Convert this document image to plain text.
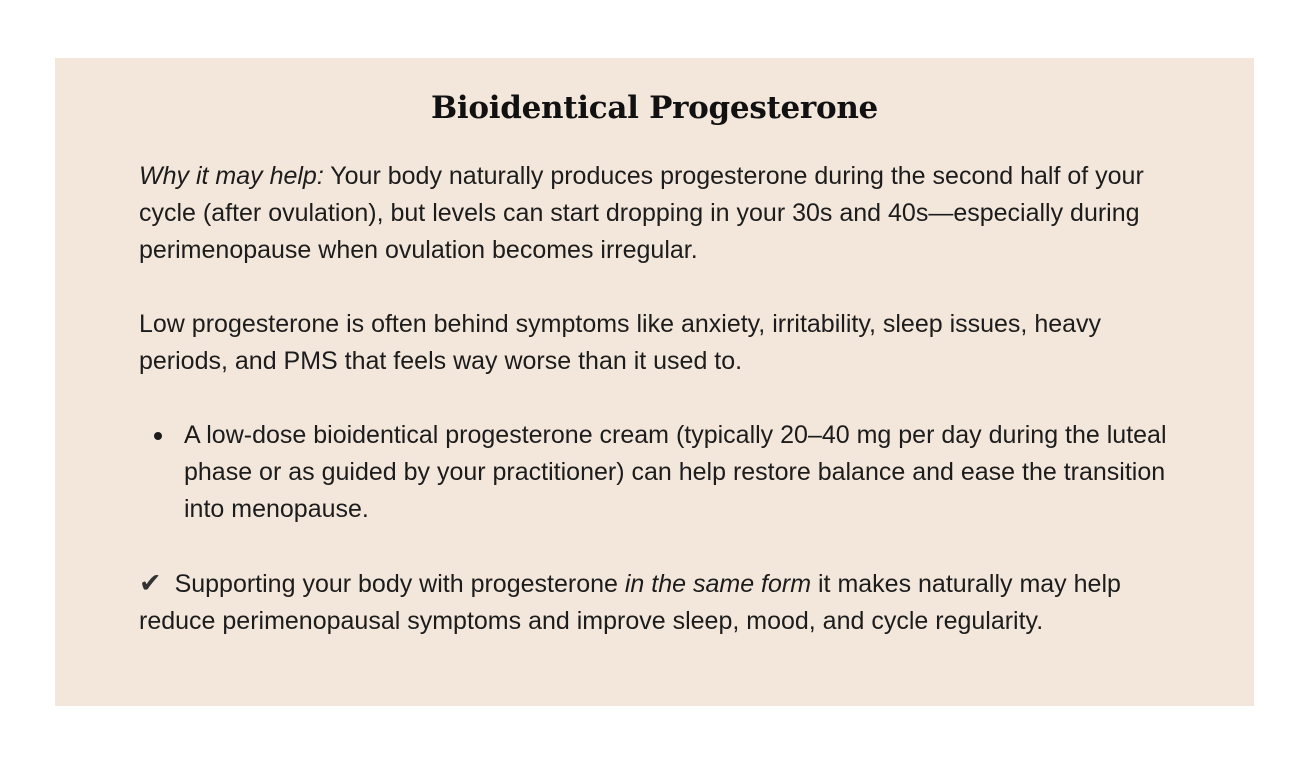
Bioidentical Progesterone

Why it may help: Your body naturally produces progesterone during the second half of your cycle (after ovulation), but levels can start dropping in your 30s and 40s—especially during perimenopause when ovulation becomes irregular.

Low progesterone is often behind symptoms like anxiety, irritability, sleep issues, heavy periods, and PMS that feels way worse than it used to.

A low-dose bioidentical progesterone cream (typically 20–40 mg per day during the luteal phase or as guided by your practitioner) can help restore balance and ease the transition into menopause.

✔ Supporting your body with progesterone in the same form it makes naturally may help reduce perimenopausal symptoms and improve sleep, mood, and cycle regularity.
